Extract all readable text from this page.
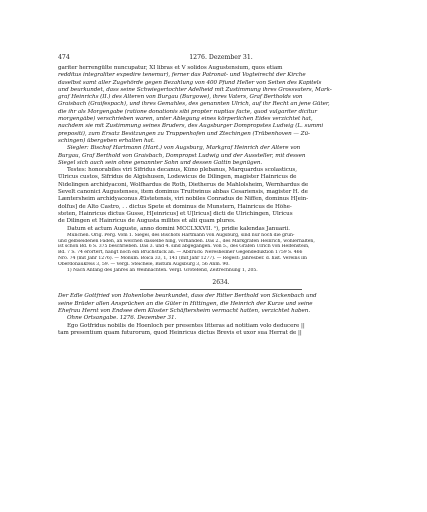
474	1276. Dezember 31.
gariter herrengülte nuncupatur, XI libras et V solidos Augustensium, quos etiam
redditus integraliter expedire tenemur), ferner das Patronat- und Vogteirecht der Kirche
daselbst samt aller Zugehörde gegen Bezahlung von 400 Pfund Heller von Seiten des Kapitels
und beurkundet, dass seine Schwiegertochter Adelheid mit Zustimmung ihres Grossvaters, Mark-
graf Heinrichs (II.) des Älteren von Burgau (Burgowe), ihres Vaters, Graf Bertholds von
Graisbach (Graifespach), und ihres Gemahles, des genannten Ulrich, auf ihr Recht an jene Güter,
die ihr als Morgengabe (ratione donationis sibi propter nuptias facte, quod vulgariter dicitur
morgengâbe) verschrieben waren, unter Ablegung eines körperlichen Eides verzichtet hat,
nachdem sie mit Zustimmung seines Bruders, des Augsburger Dompropstes Ludwig (L. summi
prepositi), zum Ersatz Besitzungen zu Truppenhofen und Ztechingen (Trübenhoven — Zü-
schingen) übergeben erhalten hat.
Siegler: Bischof Hartmann (Hart.) von Augsburg, Markgraf Heinrich der Ältere von
Burgau, Graf Berthold von Graisbach, Dompropst Ludwig und der Aussteller, mit dessen
Siegel sich auch sein ohne genannter Sohn und dessen Gattin begnügen.
Testes: honorabiles viri Sifridus decanus, Kûno plebanus, Marquardus scolasticus,
Ůlricus custos, Sifridus de Algishusen, Lodewicus de Dilingen, magister Hainricus de
Nidelingen archidyaconi, Wolfhardus de Roth, Dietherus de Mahlolsheim, Wernhardus de
Sevelt canonici Augustenses, item dominus Truitwinus abbas Cesariensis, magister H. de
Læntersheim archidyaconus Æistetensis, viri nobiles Conradus de Niffen, dominus H[ein-
dolfus] de Alto Castro, . . dictus Spete et dominus de Munstern, Hainricus de Hôhe-
steten, Hainricus dictus Gusse, H[einricus] et Ü[lricus] dicti de Ulrichingen, Ůlricus
de Dilingen et Hainricus de Augusta milites et alii quam plures.
Datum et actum Auguste, anno domini MCCLXXVII. ¹), pridie kalendas Januarii.
München. Orig. Perg. Vom 1. Siegel, des Bischofs Hartmann von Augsburg, sind nur noch die grün-
und gelbseidenen Fäden, an welchen dasselbe hing, vorhanden. Das 2., des Markgrafen Heinrich, wohlerhalten,
ist schon Bd. 6 S. 375 beschrieben. Das 3. und 4. sind abgegangen. Von 5., des Grafen Ulrich von Helfenstein,
Bd. 7 S. 74 erörtert, hängt noch ein Bruchstück an. — Abdruck: Neresheimer Gegendeduktion 1759 S. 466
Nro. 74 (mit Jahr 1276). — Monum. Boica 33, 1, 141 (mit Jahr 1277). — Regest: Jahresber. d. hist. Vereins im
Oberdonaukreis 3, 59. — Vergl. Steichele, Bistum Augsburg 3, 56 Anm. 90.
1) Nach Anfang des Jahres an Weihnachten. Vergl. Grotefend, Zeitrechnung 1, 205.
2634.
Der Edle Gottfried von Hohenlohe beurkundet, dass der Ritter Berthold von Sickenbach und
seine Brüder allen Ansprüchen an die Güter in Hittingen, die Heinrich der Kurze und seine
Ehefrau Hernt von Endsee dem Kloster Schäftersheim vermacht hatten, verzichtet haben.
Ohne Ortsangabe. 1276. Dezember 31.
Ego Gotfridus nobilis de Hoenloch per presentes litteras ad notitiam volo deducere ||
tam presentium quam futurorum, quod Heinricus dictus Brevis et uxor sua Herrat de ||
